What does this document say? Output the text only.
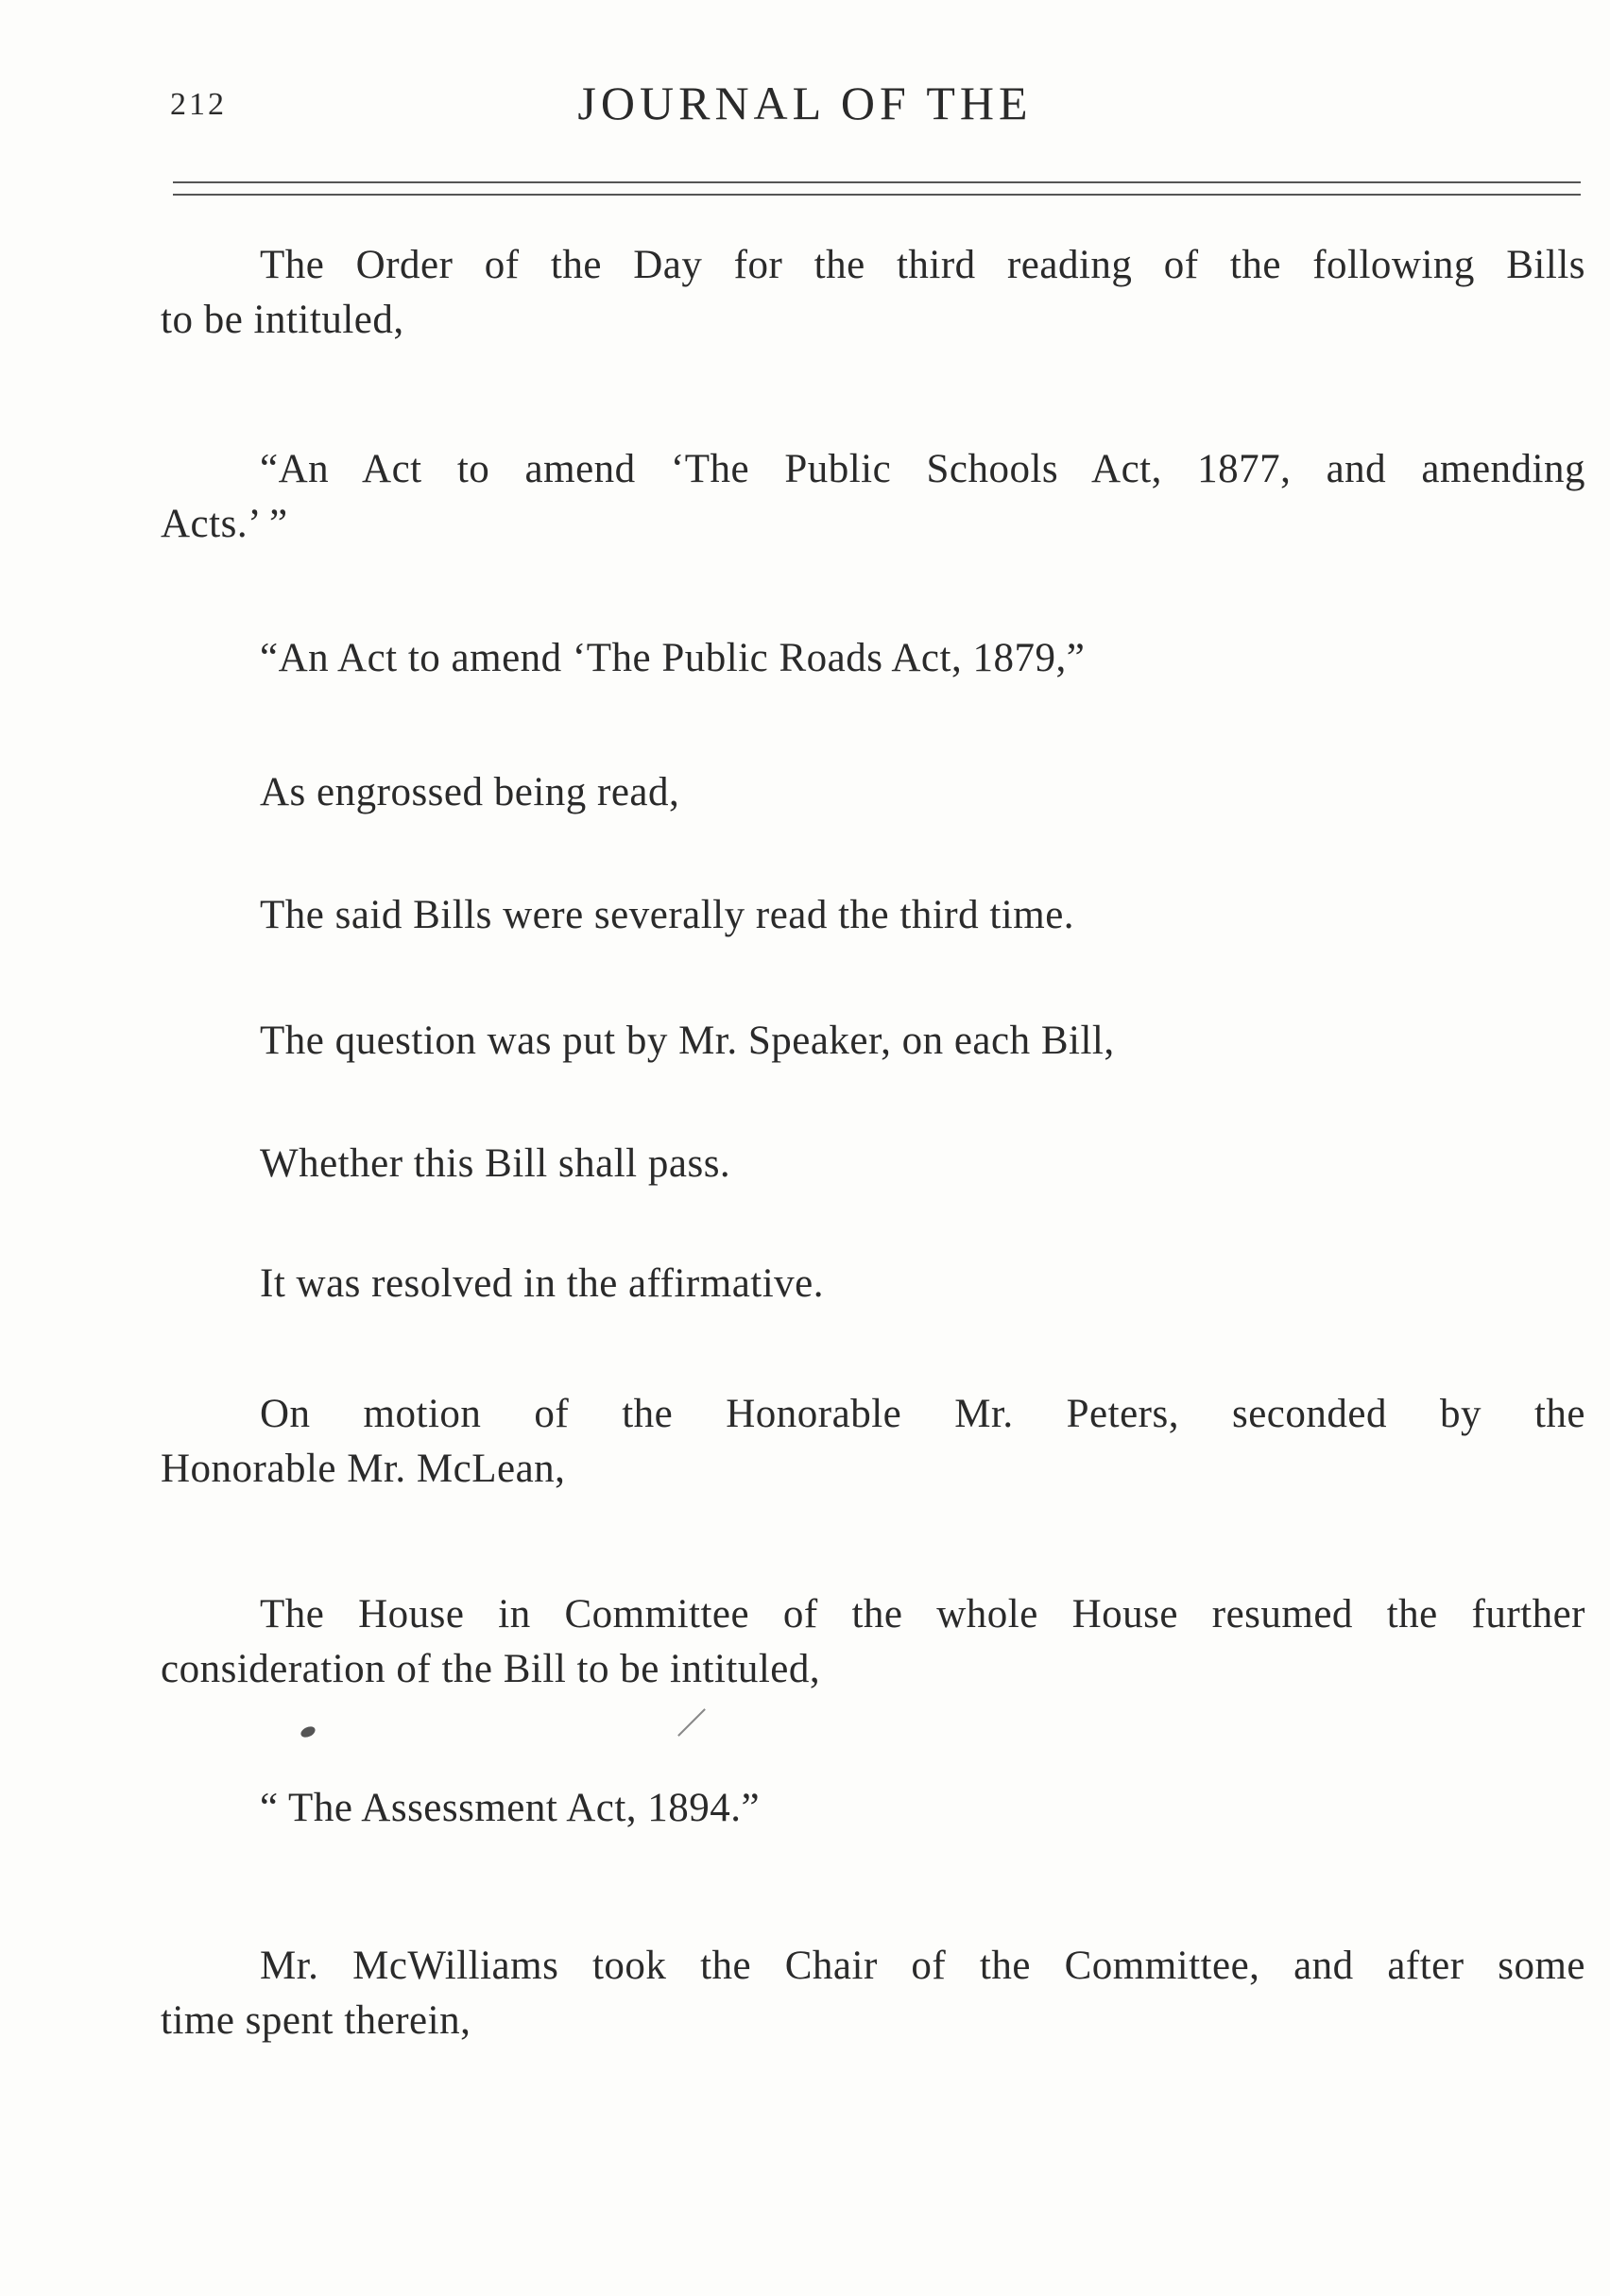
212	JOURNAL OF THE
The Order of the Day for the third reading of the following Bills
to be intituled,
“An Act to amend ‘The Public Schools Act, 1877, and amending
Acts.’ ”
“An Act to amend ‘The Public Roads Act, 1879,”
As engrossed being read,
The said Bills were severally read the third time.
The question was put by Mr. Speaker, on each Bill,
Whether this Bill shall pass.
It was resolved in the affirmative.
On motion of the Honorable Mr. Peters, seconded by the
Honorable Mr. McLean,
The House in Committee of the whole House resumed the further
consideration of the Bill to be intituled,
“ The Assessment Act, 1894.”
Mr. McWilliams took the Chair of the Committee, and after some
time spent therein,
